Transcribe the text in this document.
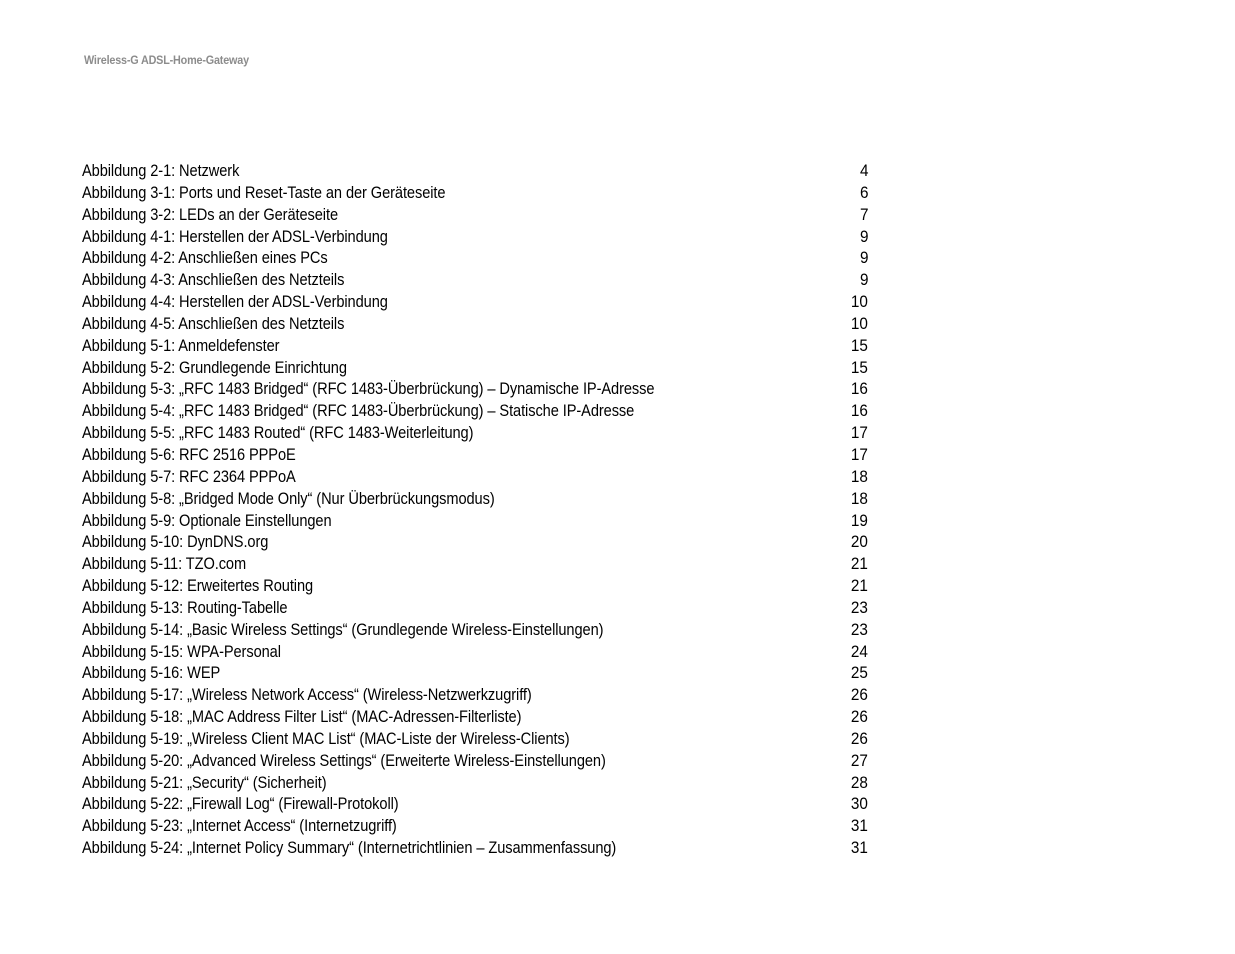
Wireless-G ADSL-Home-Gateway
Abbildung 2-1: Netzwerk	4
Abbildung 3-1: Ports und Reset-Taste an der Geräteseite	6
Abbildung 3-2: LEDs an der Geräteseite	7
Abbildung 4-1: Herstellen der ADSL-Verbindung	9
Abbildung 4-2: Anschließen eines PCs	9
Abbildung 4-3: Anschließen des Netzteils	9
Abbildung 4-4: Herstellen der ADSL-Verbindung	10
Abbildung 4-5: Anschließen des Netzteils	10
Abbildung 5-1: Anmeldefenster	15
Abbildung 5-2: Grundlegende Einrichtung	15
Abbildung 5-3: „RFC 1483 Bridged“ (RFC 1483-Überbrückung) – Dynamische IP-Adresse	16
Abbildung 5-4: „RFC 1483 Bridged“ (RFC 1483-Überbrückung) – Statische IP-Adresse	16
Abbildung 5-5: „RFC 1483 Routed“ (RFC 1483-Weiterleitung)	17
Abbildung 5-6: RFC 2516 PPPoE	17
Abbildung 5-7: RFC 2364 PPPoA	18
Abbildung 5-8: „Bridged Mode Only“ (Nur Überbrückungsmodus)	18
Abbildung 5-9: Optionale Einstellungen	19
Abbildung 5-10: DynDNS.org	20
Abbildung 5-11: TZO.com	21
Abbildung 5-12: Erweitertes Routing	21
Abbildung 5-13: Routing-Tabelle	23
Abbildung 5-14: „Basic Wireless Settings“ (Grundlegende Wireless-Einstellungen)	23
Abbildung 5-15: WPA-Personal	24
Abbildung 5-16: WEP	25
Abbildung 5-17: „Wireless Network Access“ (Wireless-Netzwerkzugriff)	26
Abbildung 5-18: „MAC Address Filter List“ (MAC-Adressen-Filterliste)	26
Abbildung 5-19: „Wireless Client MAC List“ (MAC-Liste der Wireless-Clients)	26
Abbildung 5-20: „Advanced Wireless Settings“ (Erweiterte Wireless-Einstellungen)	27
Abbildung 5-21: „Security“ (Sicherheit)	28
Abbildung 5-22: „Firewall Log“ (Firewall-Protokoll)	30
Abbildung 5-23: „Internet Access“ (Internetzugriff)	31
Abbildung 5-24: „Internet Policy Summary“ (Internetrichtlinien – Zusammenfassung)	31
